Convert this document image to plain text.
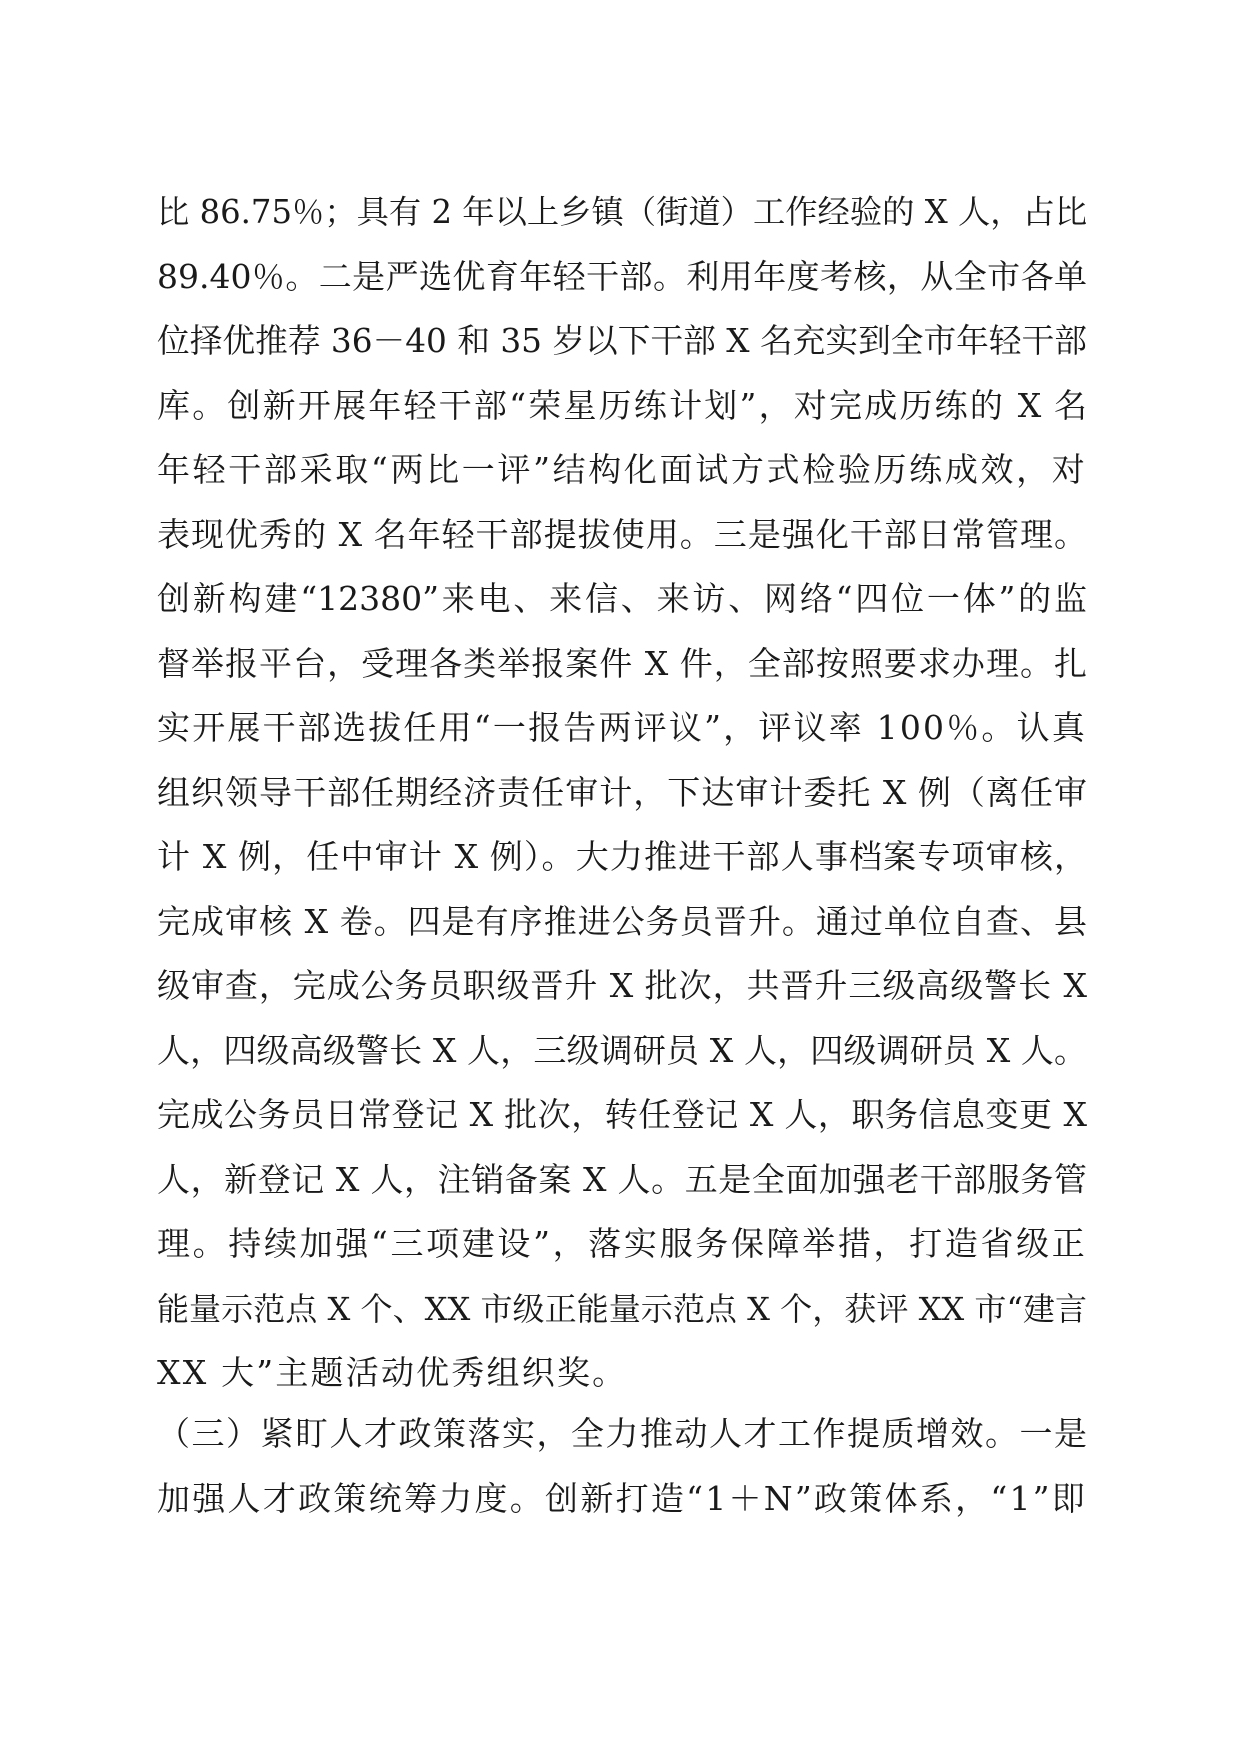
比 86.75％；具有 2 年以上乡镇（街道）工作经验的 X 人，占比
89.40％。二是严选优育年轻干部。利用年度考核，从全市各单
位择优推荐 36－40 和 35 岁以下干部 X 名充实到全市年轻干部
库。创新开展年轻干部“荣星历练计划”，对完成历练的 X 名
年轻干部采取“两比一评”结构化面试方式检验历练成效，对
表现优秀的 X 名年轻干部提拔使用。三是强化干部日常管理。
创新构建“12380”来电、来信、来访、网络“四位一体”的监
督举报平台，受理各类举报案件 X 件，全部按照要求办理。扎
实开展干部选拔任用“一报告两评议”，评议率 100％。认真
组织领导干部任期经济责任审计，下达审计委托 X 例（离任审
计 X 例，任中审计 X 例）。大力推进干部人事档案专项审核，
完成审核 X 卷。四是有序推进公务员晋升。通过单位自查、县
级审查，完成公务员职级晋升 X 批次，共晋升三级高级警长 X
人，四级高级警长 X 人，三级调研员 X 人，四级调研员 X 人。
完成公务员日常登记 X 批次，转任登记 X 人，职务信息变更 X
人，新登记 X 人，注销备案 X 人。五是全面加强老干部服务管
理。持续加强“三项建设”，落实服务保障举措，打造省级正
能量示范点 X 个、XX 市级正能量示范点 X 个，获评 XX 市“建言
XX 大”主题活动优秀组织奖。
（三）紧盯人才政策落实，全力推动人才工作提质增效。一是
加强人才政策统筹力度。创新打造“1＋N”政策体系，“1”即
